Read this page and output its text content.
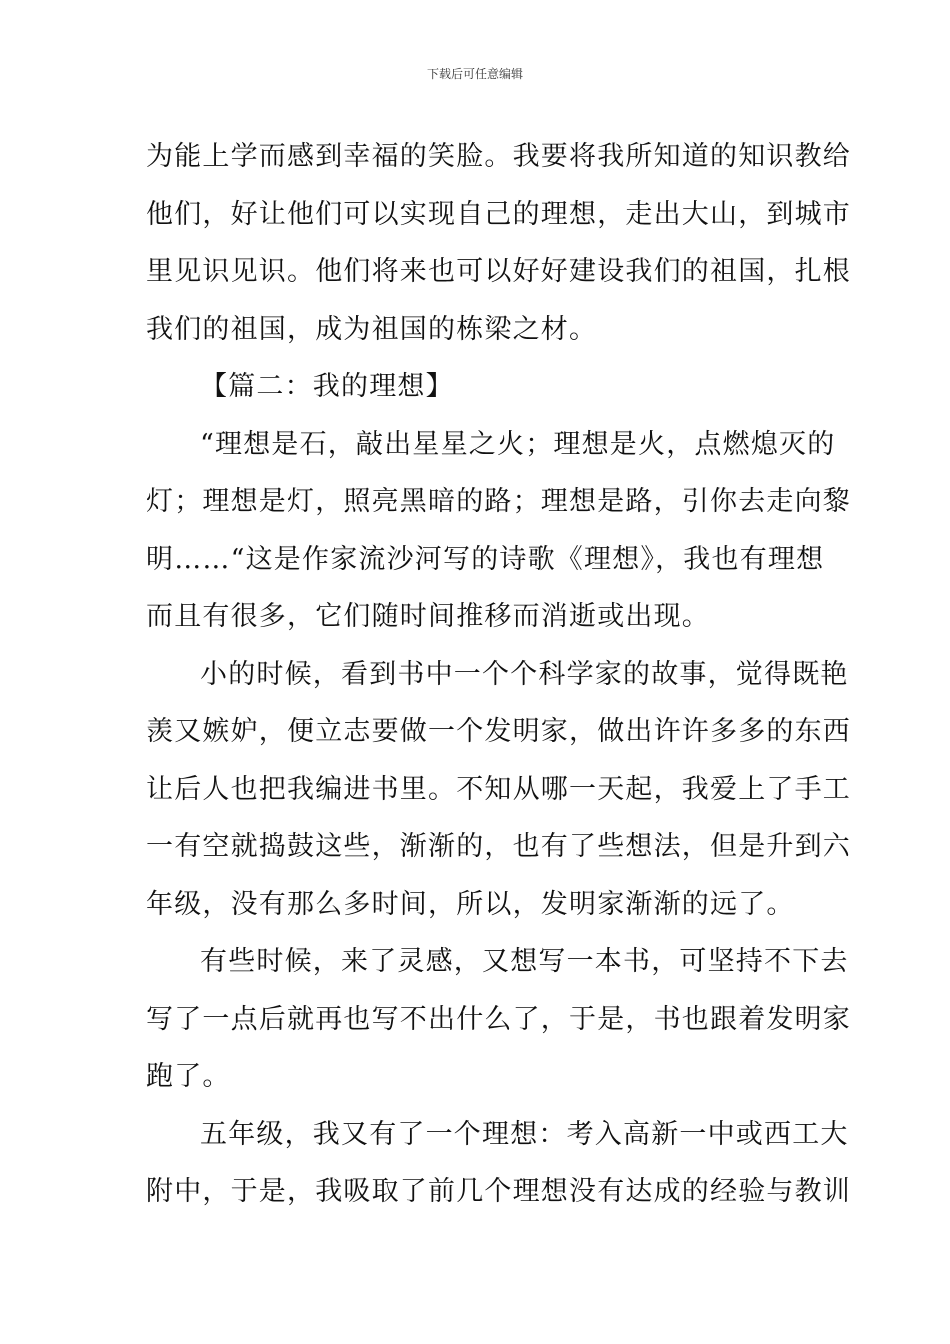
下载后可任意编辑
为能上学而感到幸福的笑脸。我要将我所知道的知识教给
他们，好让他们可以实现自己的理想，走出大山，到城市
里见识见识。他们将来也可以好好建设我们的祖国，扎根
我们的祖国，成为祖国的栋梁之材。
【篇二：我的理想】
“理想是石，敲出星星之火；理想是火，点燃熄灭的
灯；理想是灯，照亮黑暗的路；理想是路，引你去走向黎
明……“这是作家流沙河写的诗歌《理想》，我也有理想
而且有很多，它们随时间推移而消逝或出现。
小的时候，看到书中一个个科学家的故事，觉得既艳
羡又嫉妒，便立志要做一个发明家，做出许许多多的东西
让后人也把我编进书里。不知从哪一天起，我爱上了手工
一有空就捣鼓这些，渐渐的，也有了些想法，但是升到六
年级，没有那么多时间，所以，发明家渐渐的远了。
有些时候，来了灵感，又想写一本书，可坚持不下去
写了一点后就再也写不出什么了，于是，书也跟着发明家
跑了。
五年级，我又有了一个理想：考入高新一中或西工大
附中，于是，我吸取了前几个理想没有达成的经验与教训
